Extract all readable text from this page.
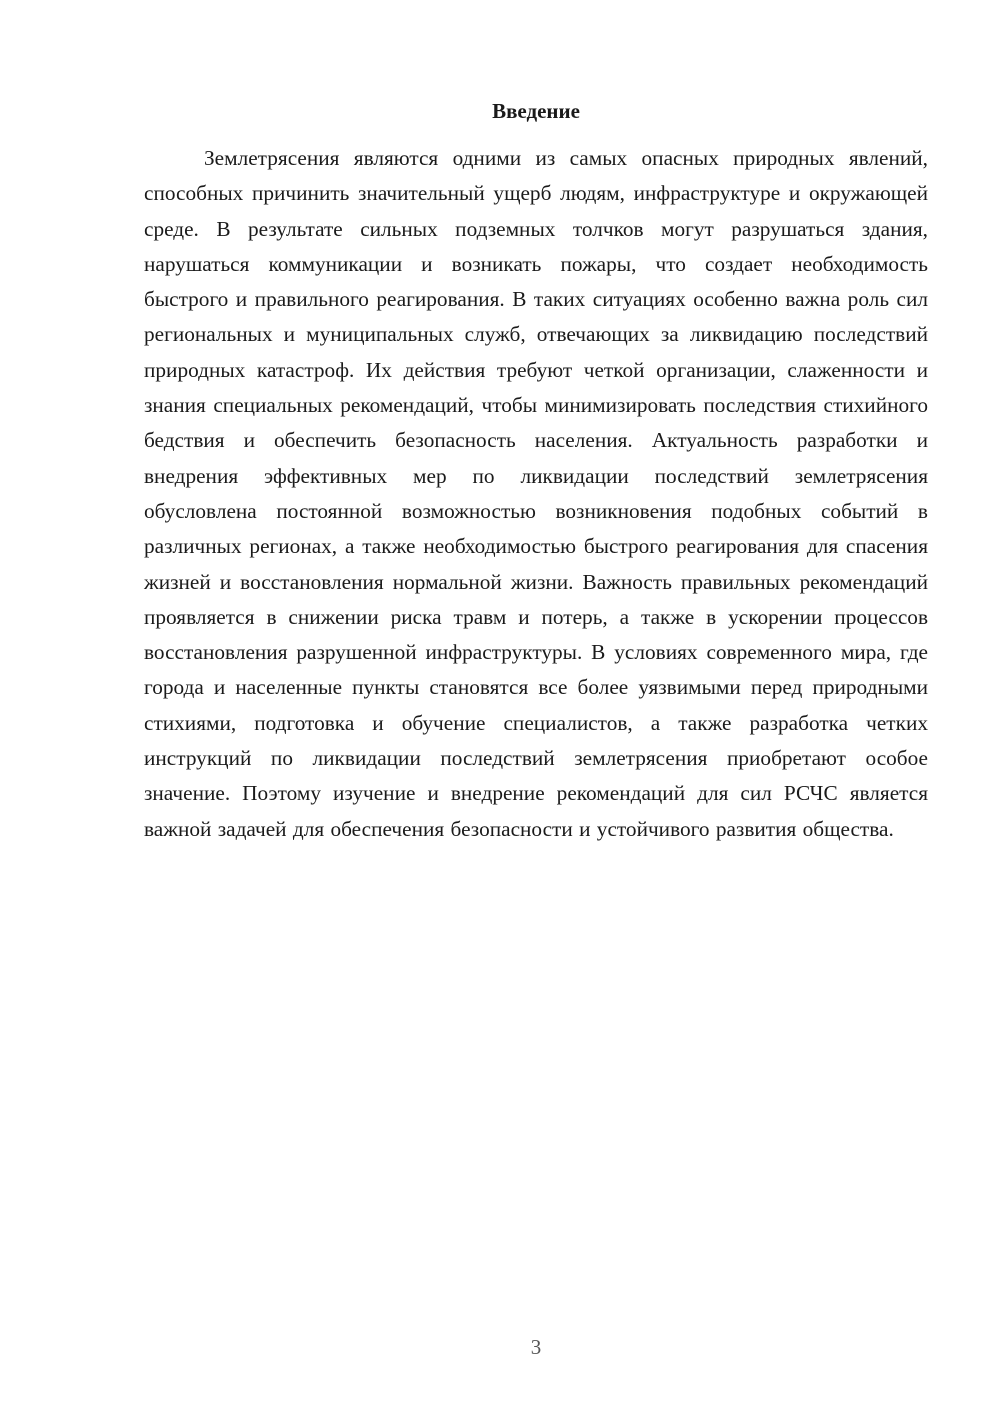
Введение

Землетрясения являются одними из самых опасных природных явлений, способных причинить значительный ущерб людям, инфраструктуре и окружающей среде. В результате сильных подземных толчков могут разрушаться здания, нарушаться коммуникации и возникать пожары, что создает необходимость быстрого и правильного реагирования. В таких ситуациях особенно важна роль сил региональных и муниципальных служб, отвечающих за ликвидацию последствий природных катастроф. Их действия требуют четкой организации, слаженности и знания специальных рекомендаций, чтобы минимизировать последствия стихийного бедствия и обеспечить безопасность населения. Актуальность разработки и внедрения эффективных мер по ликвидации последствий землетрясения обусловлена постоянной возможностью возникновения подобных событий в различных регионах, а также необходимостью быстрого реагирования для спасения жизней и восстановления нормальной жизни. Важность правильных рекомендаций проявляется в снижении риска травм и потерь, а также в ускорении процессов восстановления разрушенной инфраструктуры. В условиях современного мира, где города и населенные пункты становятся все более уязвимыми перед природными стихиями, подготовка и обучение специалистов, а также разработка четких инструкций по ликвидации последствий землетрясения приобретают особое значение. Поэтому изучение и внедрение рекомендаций для сил РСЧС является важной задачей для обеспечения безопасности и устойчивого развития общества.

3
